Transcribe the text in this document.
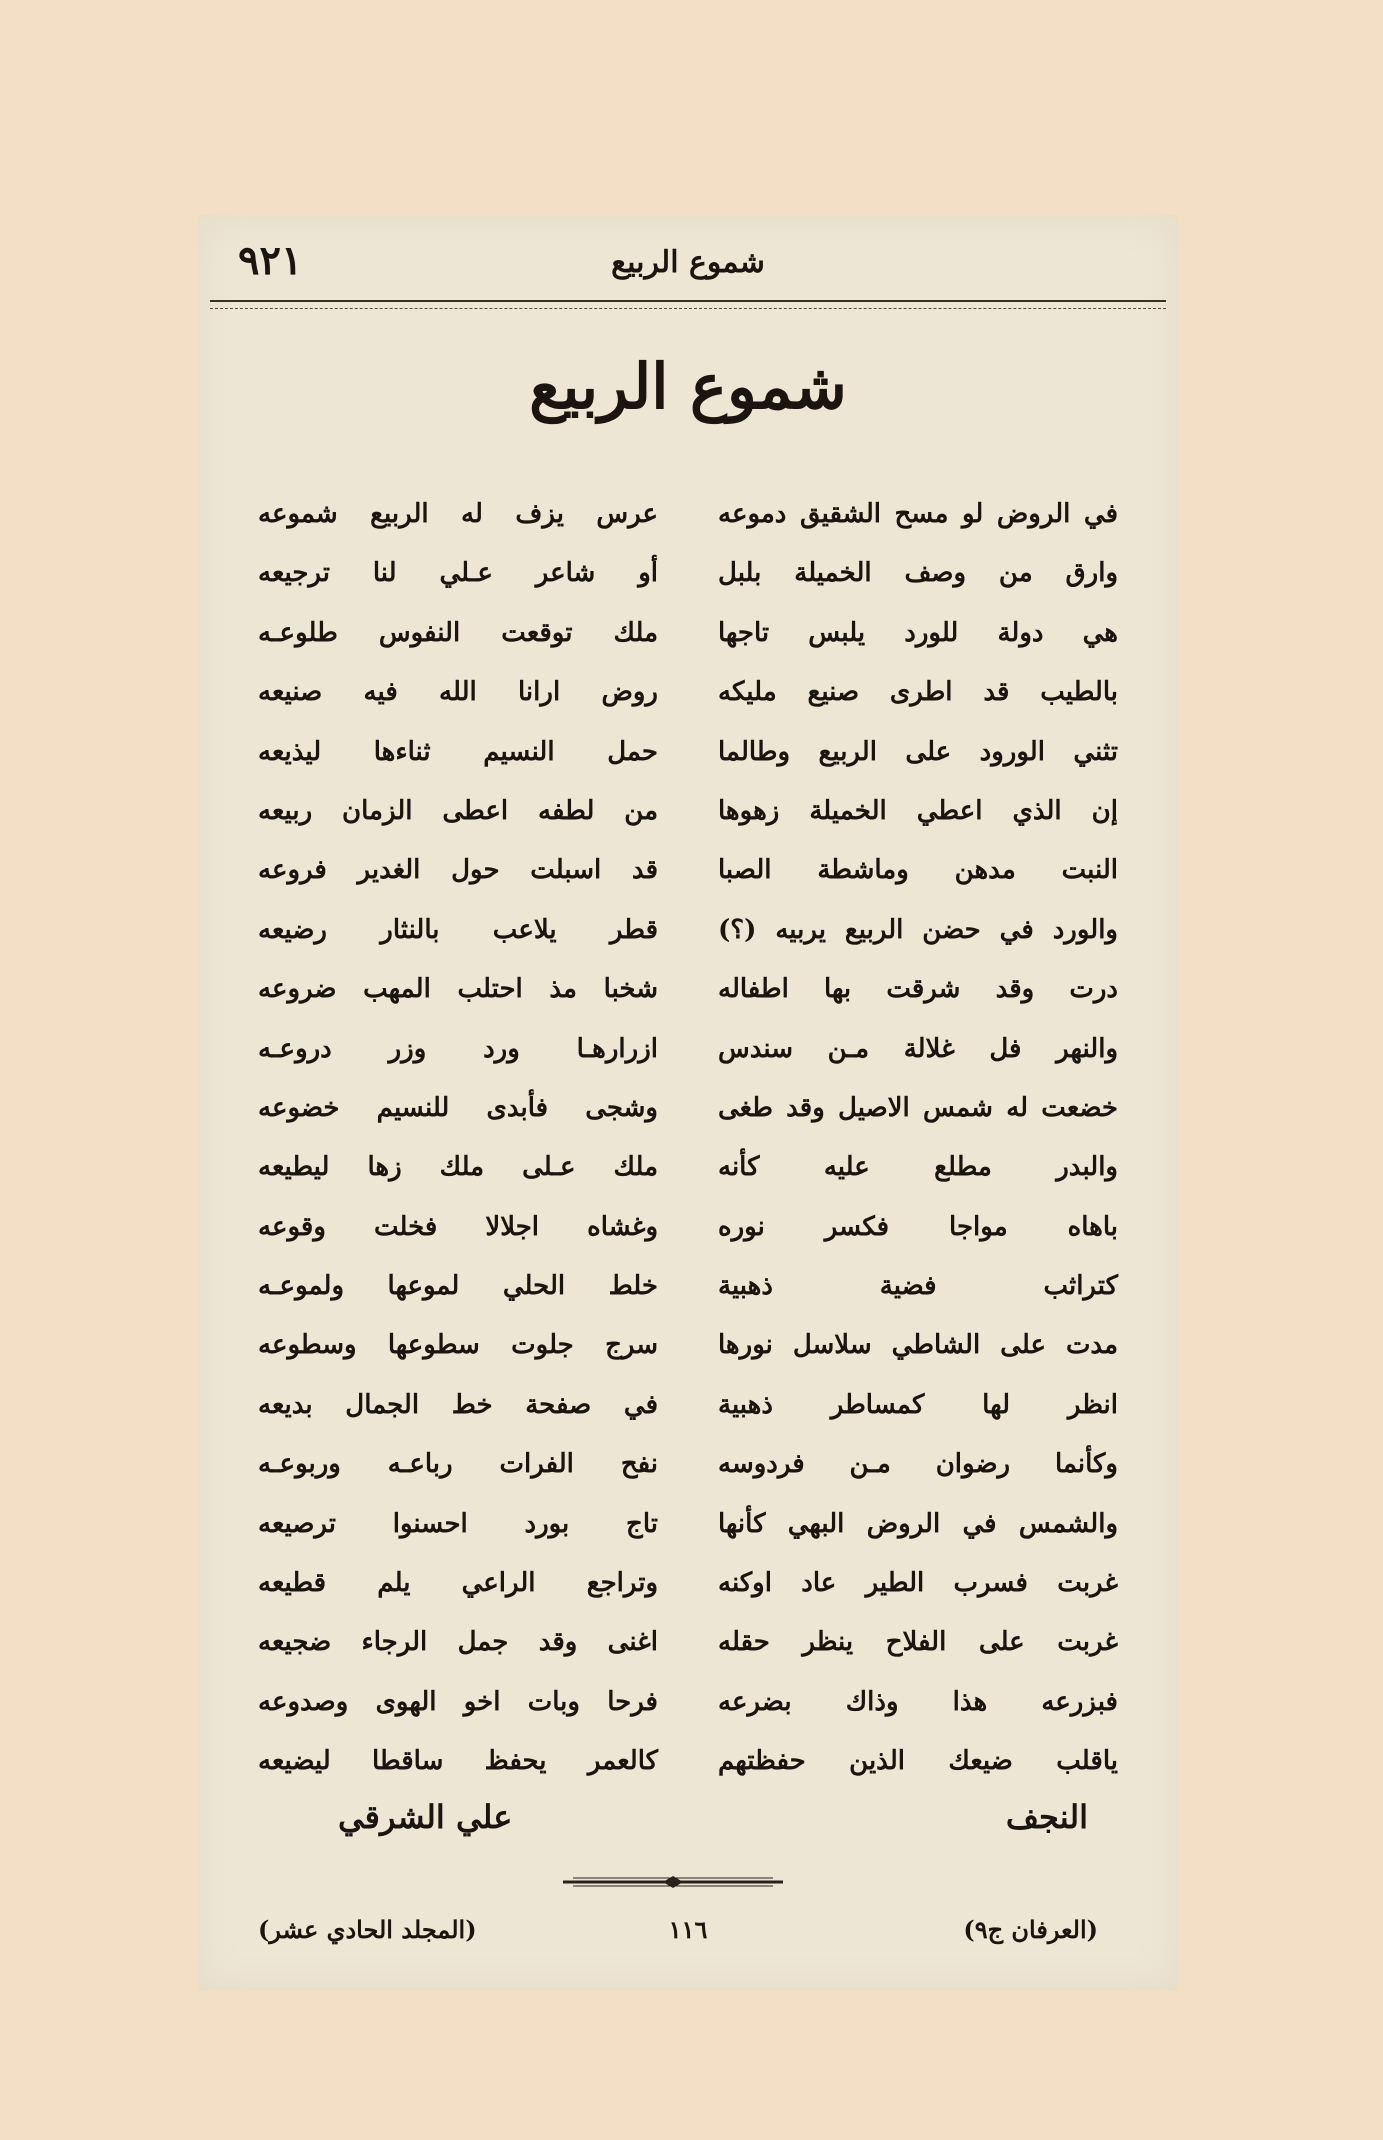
شموع الربيع
٩٢١
شموع الربيع
في الروض لو مسح الشقيق دموعه
عرس يزف له الربيع شموعه
وارق من وصف الخميلة بلبل
أو شاعر عـلي لنا ترجيعه
هي دولة للورد يلبس تاجها
ملك توقعت النفوس طلوعـه
بالطيب قد اطرى صنيع مليكه
روض ارانا الله فيه صنيعه
تثني الورود على الربيع وطالما
حمل النسيم ثناءها ليذيعه
إن الذي اعطي الخميلة زهوها
من لطفه اعطى الزمان ربيعه
النبت مدهن وماشطة الصبا
قد اسبلت حول الغدير فروعه
والورد في حضن الربيع يربيه (؟)
قطر يلاعب بالنثار رضيعه
درت وقد شرقت بها اطفاله
شخبا مذ احتلب المهب ضروعه
والنهر فل غلالة مـن سندس
ازرارهـا ورد وزر دروعـه
خضعت له شمس الاصيل وقد طغى
وشجى فأبدى للنسيم خضوعه
والبدر مطلع عليه كأنه
ملك عـلى ملك زها ليطيعه
باهاه مواجا فكسر نوره
وغشاه اجلالا فخلت وقوعه
كتراثب فضية ذهبية
خلط الحلي لموعها ولموعـه
مدت على الشاطي سلاسل نورها
سرج جلوت سطوعها وسطوعه
انظر لها كمساطر ذهبية
في صفحة خط الجمال بديعه
وكأنما رضوان مـن فردوسه
نفح الفرات رباعـه وربوعـه
والشمس في الروض البهي كأنها
تاج بورد احسنوا ترصيعه
غربت فسرب الطير عاد اوكنه
وتراجع الراعي يلم قطيعه
غربت على الفلاح ينظر حقله
اغنى وقد جمل الرجاء ضجيعه
فبزرعه هذا وذاك بضرعه
فرحا وبات اخو الهوى وصدوعه
ياقلب ضيعك الذين حفظتهم
كالعمر يحفظ ساقطا ليضيعه
النجف
علي الشرقي
(العرفان ج٩)
١١٦
(المجلد الحادي عشر)
